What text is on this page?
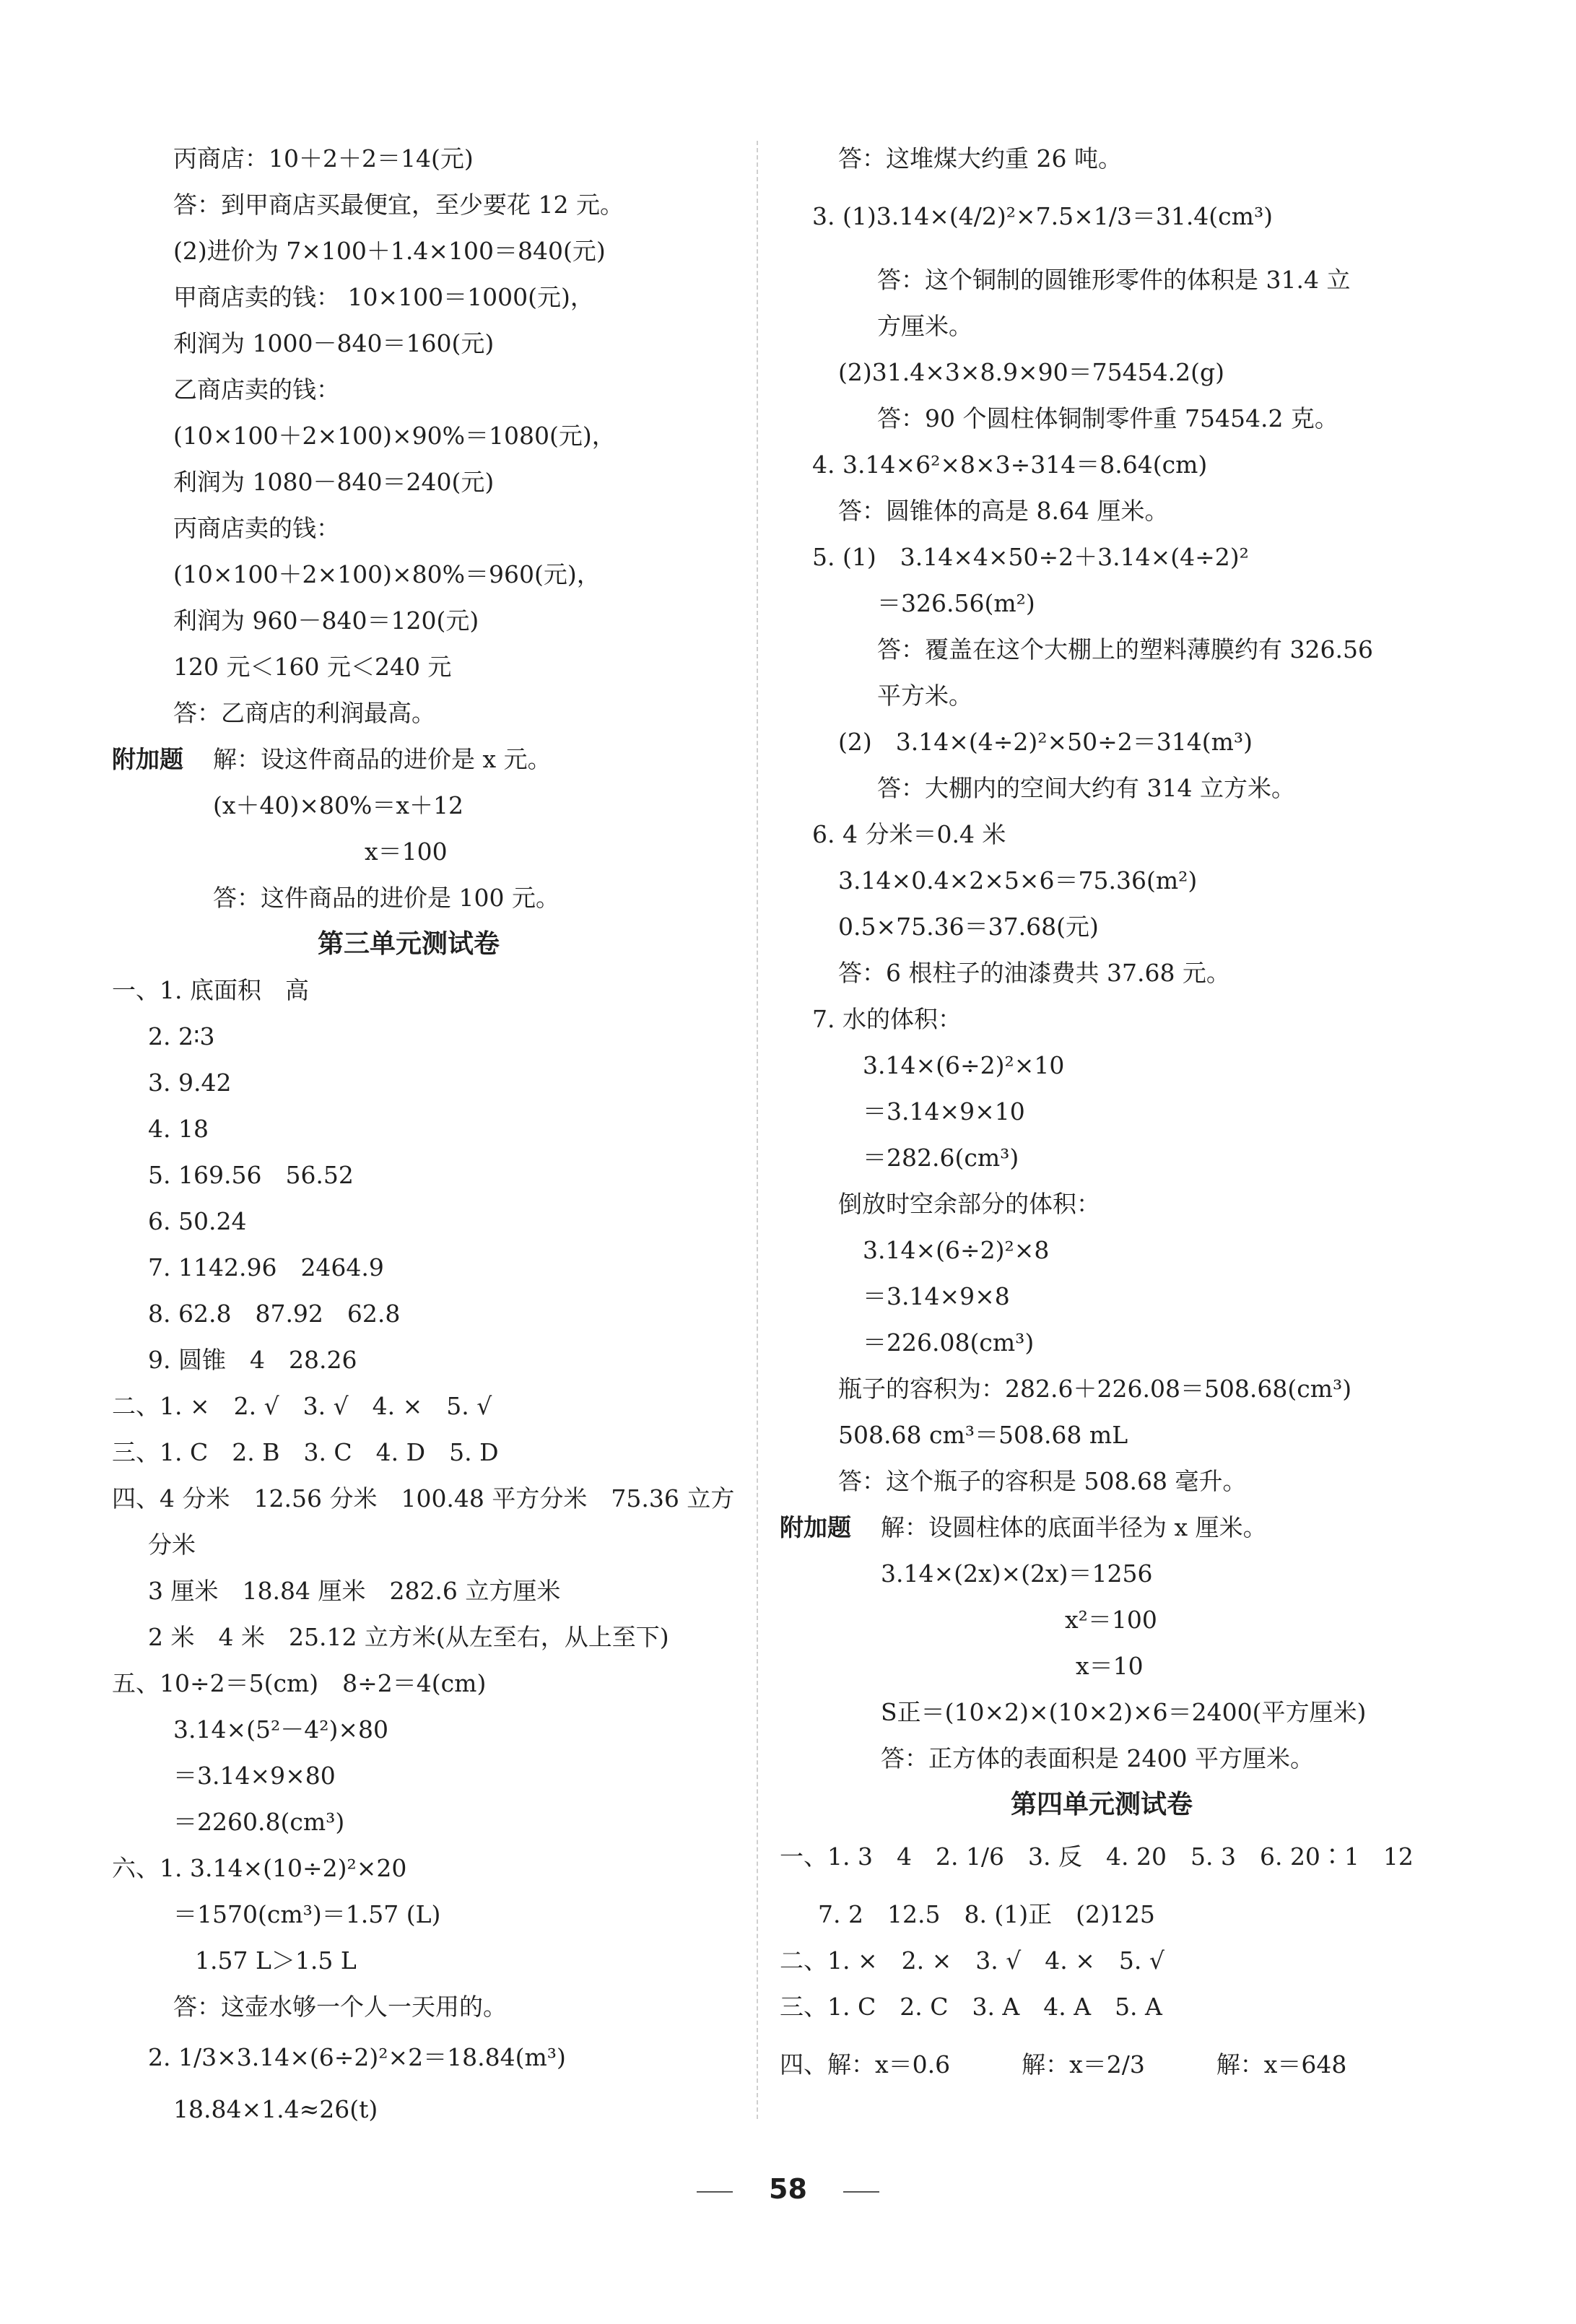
丙商店：10＋2＋2＝14(元)
答：到甲商店买最便宜，至少要花 12 元。
(2)进价为 7×100＋1.4×100＝840(元)
甲商店卖的钱： 10×100＝1000(元)，
利润为 1000－840＝160(元)
乙商店卖的钱：
(10×100＋2×100)×90%＝1080(元)，
利润为 1080－840＝240(元)
丙商店卖的钱：
(10×100＋2×100)×80%＝960(元)，
利润为 960－840＝120(元)
120 元＜160 元＜240 元
答：乙商店的利润最高。
附加题 解：设这件商品的进价是 x 元。
(x＋40)×80%＝x＋12
x＝100
答：这件商品的进价是 100 元。
第三单元测试卷
一、1. 底面积　高
2. 2∶3
3. 9.42
4. 18
5. 169.56　56.52
6. 50.24
7. 1142.96　2464.9
8. 62.8　87.92　62.8
9. 圆锥　4　28.26
二、1. ×　2. √　3. √　4. ×　5. √
三、1. C　2. B　3. C　4. D　5. D
四、4 分米　12.56 分米　100.48 平方分米　75.36 立方
分米
3 厘米　18.84 厘米　282.6 立方厘米
2 米　4 米　25.12 立方米(从左至右，从上至下)
五、10÷2＝5(cm)　8÷2＝4(cm)
3.14×(5²－4²)×80
＝3.14×9×80
＝2260.8(cm³)
六、1. 3.14×(10÷2)²×20
＝1570(cm³)＝1.57 (L)
1.57 L＞1.5 L
答：这壶水够一个人一天用的。
2. 1/3×3.14×(6÷2)²×2＝18.84(m³)
18.84×1.4≈26(t)
答：这堆煤大约重 26 吨。
3. (1)3.14×(4/2)²×7.5×1/3＝31.4(cm³)
答：这个铜制的圆锥形零件的体积是 31.4 立
方厘米。
(2)31.4×3×8.9×90＝75454.2(g)
答：90 个圆柱体铜制零件重 75454.2 克。
4. 3.14×6²×8×3÷314＝8.64(cm)
答：圆锥体的高是 8.64 厘米。
5. (1)　3.14×4×50÷2＋3.14×(4÷2)²
＝326.56(m²)
答：覆盖在这个大棚上的塑料薄膜约有 326.56
平方米。
(2)　3.14×(4÷2)²×50÷2＝314(m³)
答：大棚内的空间大约有 314 立方米。
6. 4 分米＝0.4 米
3.14×0.4×2×5×6＝75.36(m²)
0.5×75.36＝37.68(元)
答：6 根柱子的油漆费共 37.68 元。
7. 水的体积：
3.14×(6÷2)²×10
＝3.14×9×10
＝282.6(cm³)
倒放时空余部分的体积：
3.14×(6÷2)²×8
＝3.14×9×8
＝226.08(cm³)
瓶子的容积为：282.6＋226.08＝508.68(cm³)
508.68 cm³＝508.68 mL
答：这个瓶子的容积是 508.68 毫升。
附加题 解：设圆柱体的底面半径为 x 厘米。
3.14×(2x)×(2x)＝1256
x²＝100
x＝10
S正＝(10×2)×(10×2)×6＝2400(平方厘米)
答：正方体的表面积是 2400 平方厘米。
第四单元测试卷
一、1. 3　4　2. 1/6　3. 反　4. 20　5. 3　6. 20∶1　12
7. 2　12.5　8. (1)正　(2)125
二、1. ×　2. ×　3. √　4. ×　5. √
三、1. C　2. C　3. A　4. A　5. A
四、解：x＝0.6　　　解：x＝2/3　　　解：x＝648
58
